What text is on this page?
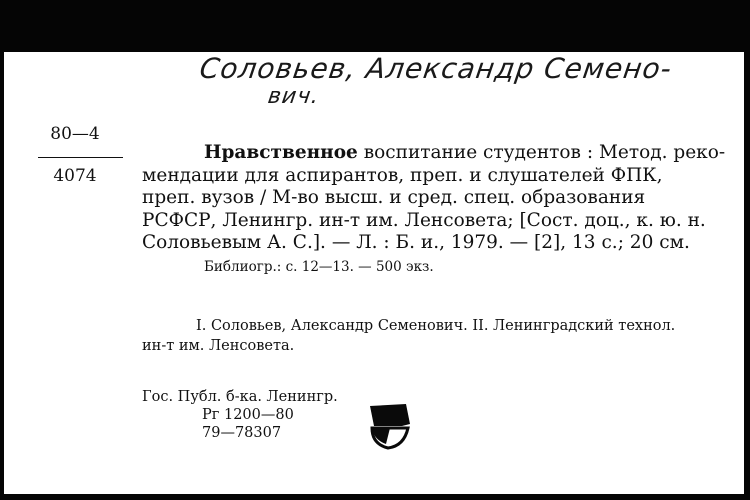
Соловьев, Александр Семено-
вич.
80—4
4074
Нравственное воспитание студентов : Метод. реко-
мендации для аспирантов, преп. и слушателей ФПК,
преп. вузов / М-во высш. и сред. спец. образования
РСФСР, Ленингр. ин-т им. Ленсовета; [Сост. доц., к. ю. н.
Соловьевым А. С.]. — Л. : Б. и., 1979. — [2], 13 с.; 20 см.
Библиогр.: с. 12—13. — 500 экз.
I. Соловьев, Александр Семенович. II. Ленинградский технол.
ин-т им. Ленсовета.
Гос. Публ. б-ка. Ленингр.
Рг 1200—80
79—78307
